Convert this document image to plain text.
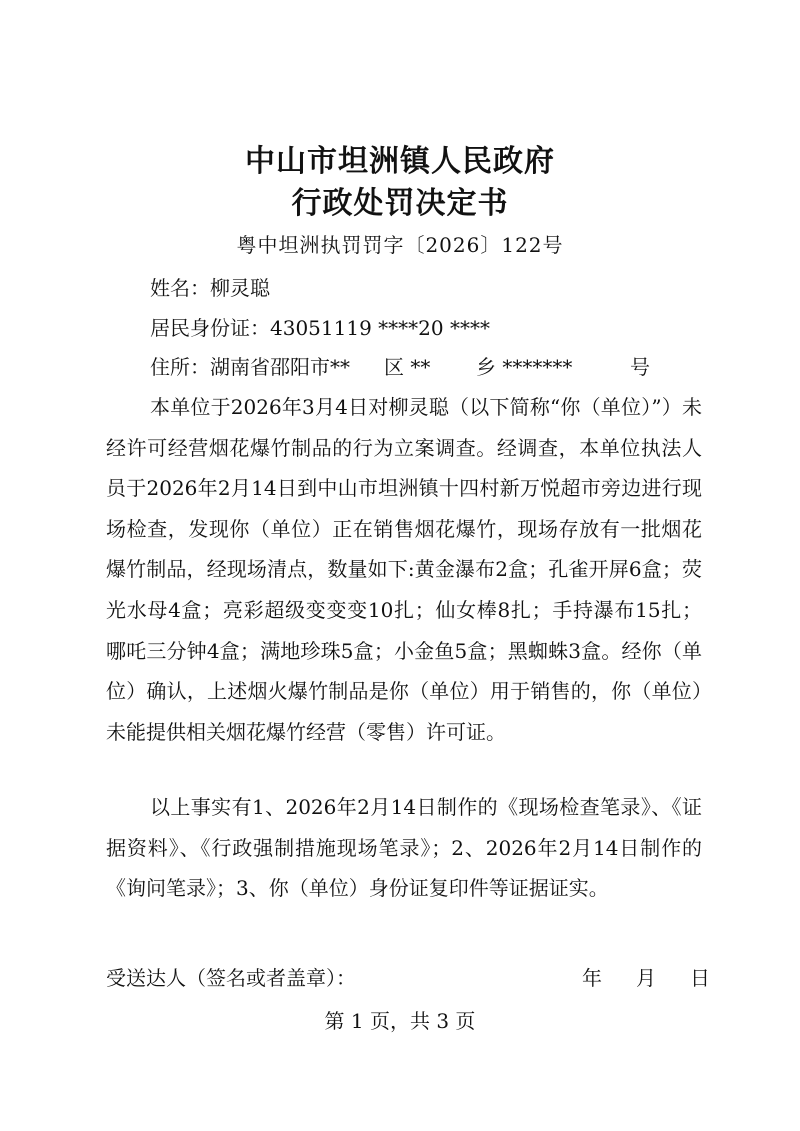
中山市坦洲镇人民政府
行政处罚决定书
粤中坦洲执罚罚字〔2026〕122号
姓名：柳灵聪
居民身份证：43051119 ****20 ****
住所：湖南省邵阳市** 区 ** 乡 *******	号

本单位于2026年3月4日对柳灵聪（以下简称“你（单位）”）未经许可经营烟花爆竹制品的行为立案调查。经调查，本单位执法人员于2026年2月14日到中山市坦洲镇十四村新万悦超市旁边进行现场检查，发现你（单位）正在销售烟花爆竹，现场存放有一批烟花爆竹制品，经现场清点，数量如下:黄金瀑布2盒；孔雀开屏6盒；荧光水母4盒；亮彩超级变变变10扎；仙女棒8扎；手持瀑布15扎；哪吒三分钟4盒；满地珍珠5盒；小金鱼5盒；黑蜘蛛3盒。经你（单位）确认，上述烟火爆竹制品是你（单位）用于销售的，你（单位）未能提供相关烟花爆竹经营（零售）许可证。

以上事实有1、2026年2月14日制作的《现场检查笔录》、《证据资料》、《行政强制措施现场笔录》；2、2026年2月14日制作的《询问笔录》；3、你（单位）身份证复印件等证据证实。

受送达人（签名或者盖章）：	年 月 日
第 1 页，共 3 页
